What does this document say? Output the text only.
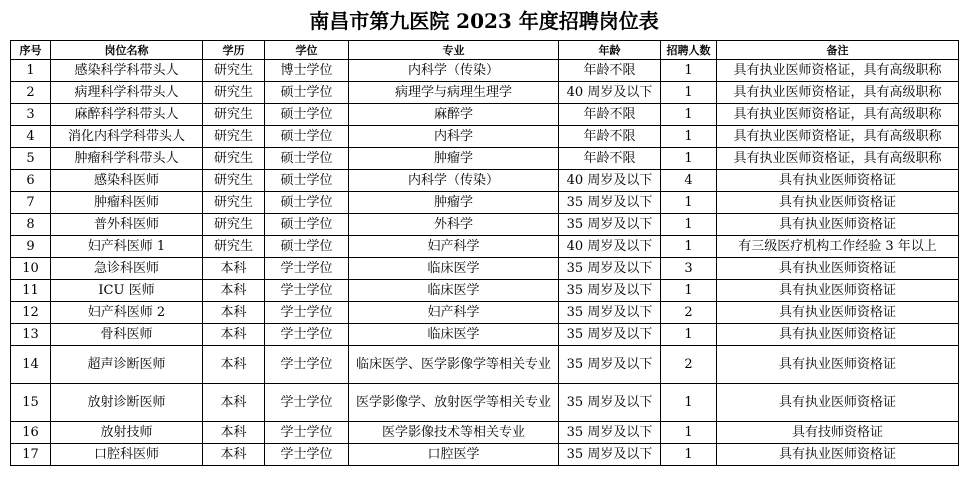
南昌市第九医院 2023 年度招聘岗位表
序号	岗位名称	学历	学位	专业	年龄	招聘人数	备注
1	感染科学科带头人	研究生	博士学位	内科学（传染）	年龄不限	1	具有执业医师资格证，具有高级职称
2	病理科学科带头人	研究生	硕士学位	病理学与病理生理学	40 周岁及以下	1	具有执业医师资格证，具有高级职称
3	麻醉科学科带头人	研究生	硕士学位	麻醉学	年龄不限	1	具有执业医师资格证，具有高级职称
4	消化内科学科带头人	研究生	硕士学位	内科学	年龄不限	1	具有执业医师资格证，具有高级职称
5	肿瘤科学科带头人	研究生	硕士学位	肿瘤学	年龄不限	1	具有执业医师资格证，具有高级职称
6	感染科医师	研究生	硕士学位	内科学（传染）	40 周岁及以下	4	具有执业医师资格证
7	肿瘤科医师	研究生	硕士学位	肿瘤学	35 周岁及以下	1	具有执业医师资格证
8	普外科医师	研究生	硕士学位	外科学	35 周岁及以下	1	具有执业医师资格证
9	妇产科医师 1	研究生	硕士学位	妇产科学	40 周岁及以下	1	有三级医疗机构工作经验 3 年以上
10	急诊科医师	本科	学士学位	临床医学	35 周岁及以下	3	具有执业医师资格证
11	ICU 医师	本科	学士学位	临床医学	35 周岁及以下	1	具有执业医师资格证
12	妇产科医师 2	本科	学士学位	妇产科学	35 周岁及以下	2	具有执业医师资格证
13	骨科医师	本科	学士学位	临床医学	35 周岁及以下	1	具有执业医师资格证
14	超声诊断医师	本科	学士学位	临床医学、医学影像学等相关专业	35 周岁及以下	2	具有执业医师资格证
15	放射诊断医师	本科	学士学位	医学影像学、放射医学等相关专业	35 周岁及以下	1	具有执业医师资格证
16	放射技师	本科	学士学位	医学影像技术等相关专业	35 周岁及以下	1	具有技师资格证
17	口腔科医师	本科	学士学位	口腔医学	35 周岁及以下	1	具有执业医师资格证
